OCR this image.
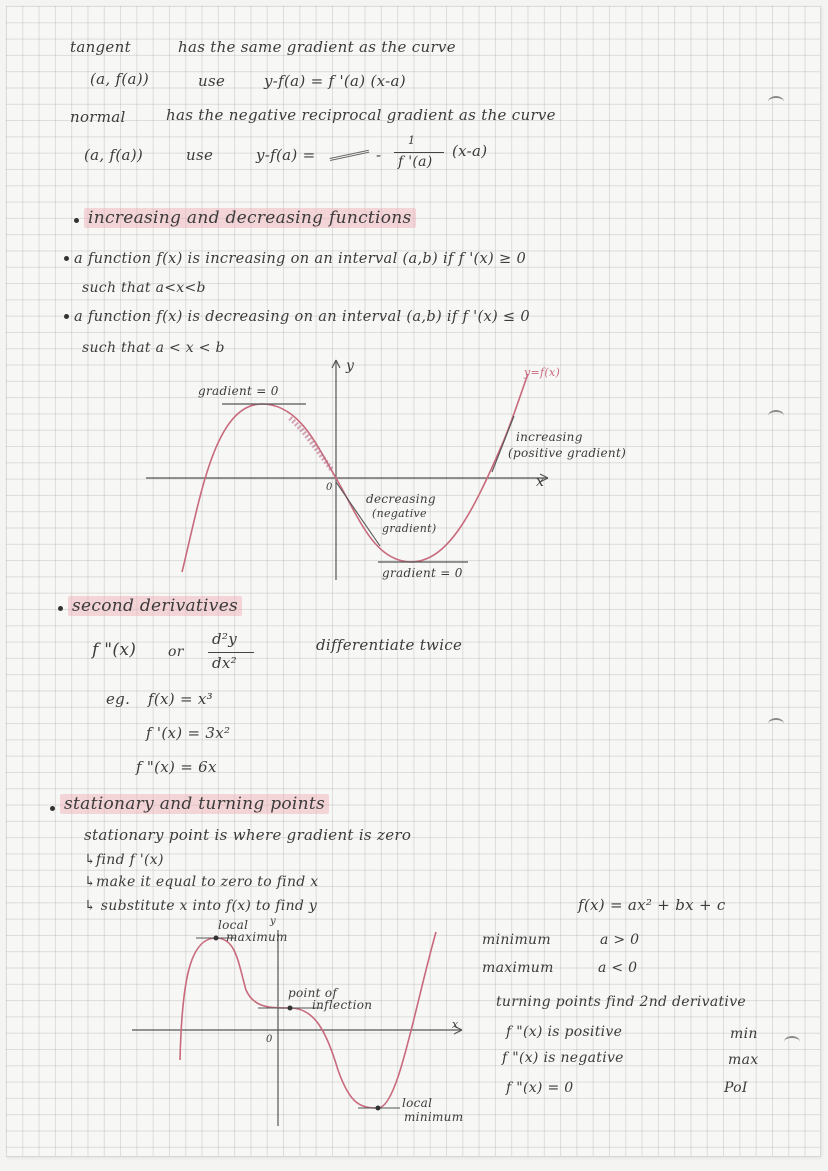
tangent	has the same gradient as the curve
(a, f(a))	use	y-f(a) = f '(a) (x-a)
normal	has the negative reciprocal gradient as the curve
(a, f(a))	use	y-f(a) =	-
1
f '(a)
(x-a)
increasing and decreasing functions
a function f(x) is increasing on an interval (a,b) if f '(x) ≥ 0
such that a<x<b
a function f(x) is decreasing on an interval (a,b) if f '(x) ≤ 0
such that a < x < b
y
x
0
y=f(x)
gradient = 0
gradient = 0
decreasing
(negative
gradient)
increasing
(positive gradient)
second derivatives
f "(x) or
d²y
dx²
differentiate twice
eg. f(x) = x³
f '(x) = 3x²
f "(x) = 6x
stationary and turning points
stationary point is where gradient is zero
↳find f '(x)
↳make it equal to zero to find x
↳ substitute x into f(x) to find y	f(x) = ax² + bx + c
minimum	a > 0
maximum	a < 0
turning points find 2nd derivative
f "(x) is positive	min
f "(x) is negative	max
f "(x) = 0	PoI
y
x
0
local
maximum
point of
inflection
local
minimum
